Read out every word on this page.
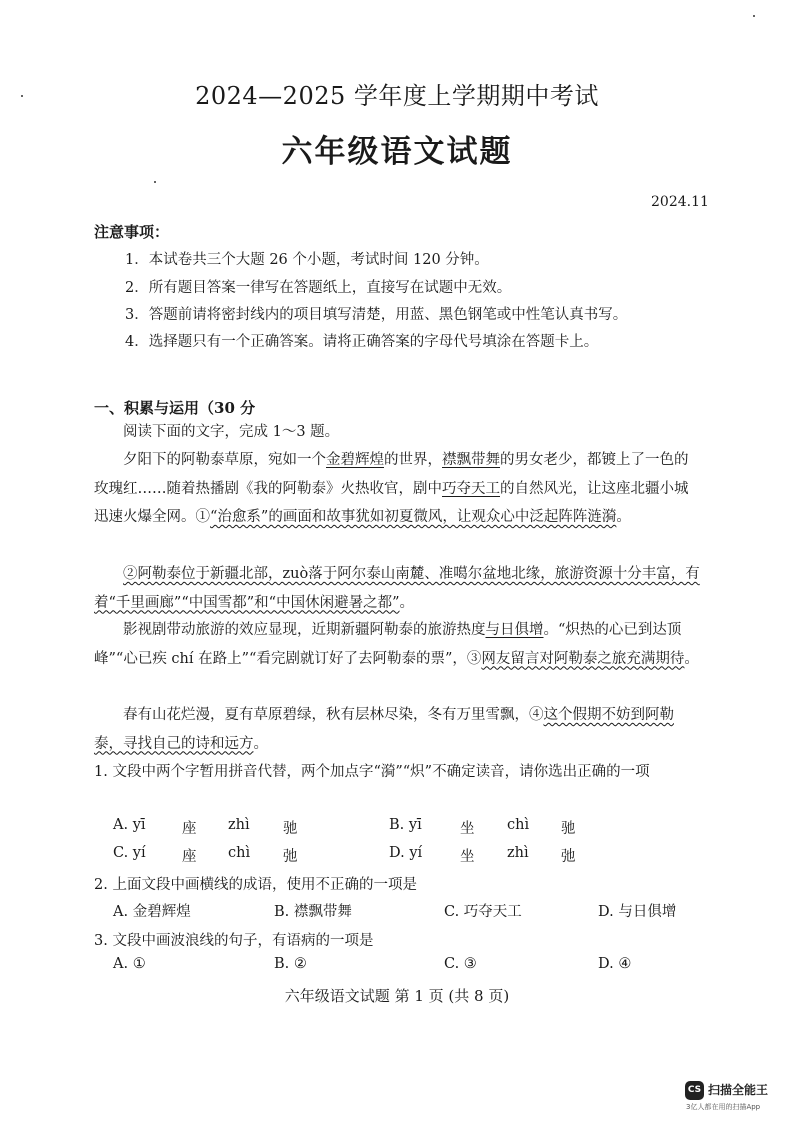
2024—2025 学年度上学期期中考试
六年级语文试题
2024.11
注意事项：
1．本试卷共三个大题 26 个小题，考试时间 120 分钟。
2．所有题目答案一律写在答题纸上，直接写在试题中无效。
3．答题前请将密封线内的项目填写清楚，用蓝、黑色钢笔或中性笔认真书写。
4．选择题只有一个正确答案。请将正确答案的字母代号填涂在答题卡上。
一、积累与运用（30 分
阅读下面的文字，完成 1～3 题。
夕阳下的阿勒泰草原，宛如一个金碧辉煌的世界，襟飘带舞的男女老少，都镀上了一色的玫瑰红……随着热播剧《我的阿勒泰》火热收官，剧中巧夺天工的自然风光，让这座北疆小城迅速火爆全网。①“治愈系”的画面和故事犹如初夏微风，让观众心中泛起阵阵涟漪。
②阿勒泰位于新疆北部，zuò落于阿尔泰山南麓、准噶尔盆地北缘，旅游资源十分丰富，有着“千里画廊”“中国雪都”和“中国休闲避暑之都”。
影视剧带动旅游的效应显现，近期新疆阿勒泰的旅游热度与日俱增。“炽热的心已到达顶峰”“心已疾 chí 在路上”“看完剧就订好了去阿勒泰的票”，③网友留言对阿勒泰之旅充满期待。
春有山花烂漫，夏有草原碧绿，秋有层林尽染，冬有万里雪飘，④这个假期不妨到阿勒泰，寻找自己的诗和远方。
1. 文段中两个字暂用拼音代替，两个加点字“漪”“炽”不确定读音，请你选出正确的一项
A. yī	座 zhì 驰	B. yī	坐 chì 驰
C. yí	座 chì 弛	D. yí	坐 zhì 弛
2. 上面文段中画横线的成语，使用不正确的一项是
A. 金碧辉煌	B. 襟飘带舞	C. 巧夺天工	D. 与日俱增
3. 文段中画波浪线的句子，有语病的一项是
A. ①	B. ②	C. ③	D. ④
六年级语文试题 第 1 页 (共 8 页)
CS 扫描全能王
3亿人都在用的扫描App
